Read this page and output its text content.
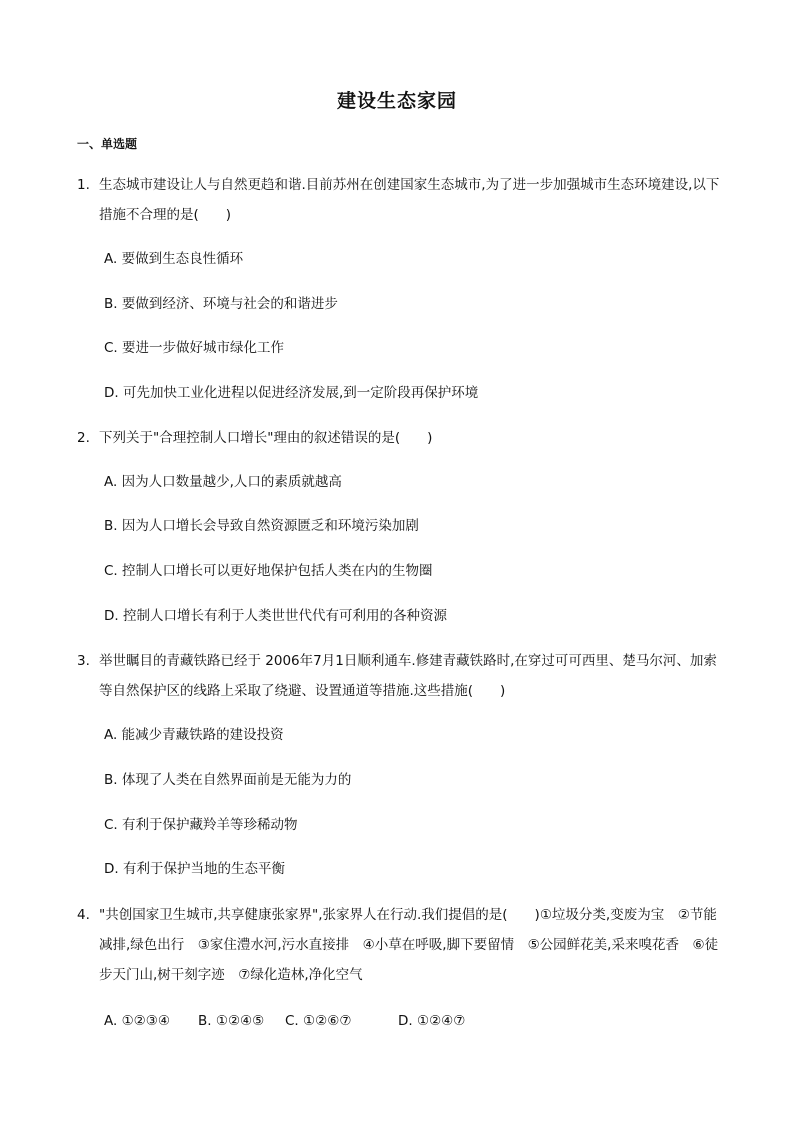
建设生态家园
一、单选题
1. 生态城市建设让人与自然更趋和谐.目前苏州在创建国家生态城市,为了进一步加强城市生态环境建设,以下措施不合理的是(　　)
A. 要做到生态良性循环
B. 要做到经济、环境与社会的和谐进步
C. 要进一步做好城市绿化工作
D. 可先加快工业化进程以促进经济发展,到一定阶段再保护环境
2. 下列关于"合理控制人口增长"理由的叙述错误的是(　　)
A. 因为人口数量越少,人口的素质就越高
B. 因为人口增长会导致自然资源匮乏和环境污染加剧
C. 控制人口增长可以更好地保护包括人类在内的生物圈
D. 控制人口增长有利于人类世世代代有可利用的各种资源
3. 举世瞩目的青藏铁路已经于 2006年7月1日顺利通车.修建青藏铁路时,在穿过可可西里、楚马尔河、加索等自然保护区的线路上采取了绕避、设置通道等措施.这些措施(　　)
A. 能减少青藏铁路的建设投资
B. 体现了人类在自然界面前是无能为力的
C. 有利于保护藏羚羊等珍稀动物
D. 有利于保护当地的生态平衡
4. "共创国家卫生城市,共享健康张家界",张家界人在行动.我们提倡的是(　　)①垃圾分类,变废为宝　②节能减排,绿色出行　③家住澧水河,污水直接排　④小草在呼吸,脚下要留情　⑤公园鲜花美,采来嗅花香　⑥徒步天门山,树干刻字迹　⑦绿化造林,净化空气
A. ①②③④ B. ①②④⑤ C. ①②⑥⑦	D. ①②④⑦
